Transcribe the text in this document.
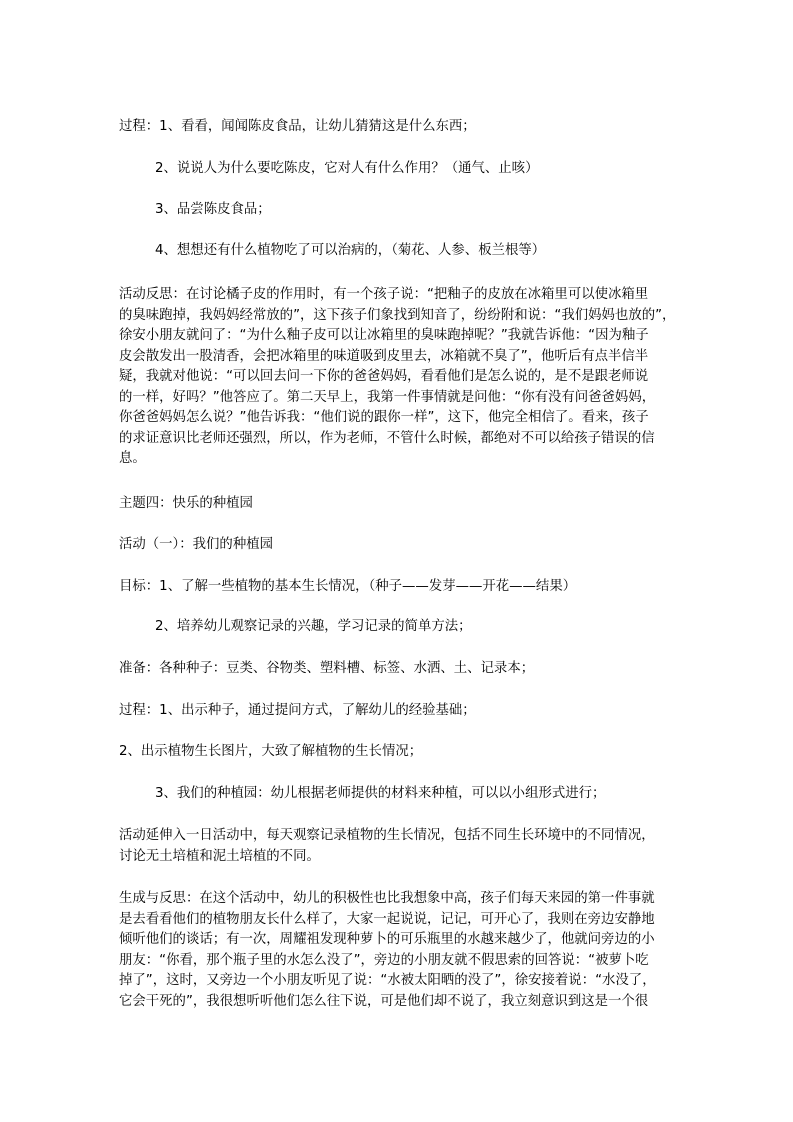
过程：1、看看，闻闻陈皮食品，让幼儿猜猜这是什么东西；

2、说说人为什么要吃陈皮，它对人有什么作用？（通气、止咳）

3、品尝陈皮食品；

4、想想还有什么植物吃了可以治病的，（菊花、人参、板兰根等）

活动反思：在讨论橘子皮的作用时，有一个孩子说：“把釉子的皮放在冰箱里可以使冰箱里
的臭味跑掉，我妈妈经常放的”，这下孩子们象找到知音了，纷纷附和说：“我们妈妈也放的”，
徐安小朋友就问了：“为什么釉子皮可以让冰箱里的臭味跑掉呢？”我就告诉他：“因为釉子
皮会散发出一股清香，会把冰箱里的味道吸到皮里去，冰箱就不臭了”，他听后有点半信半
疑，我就对他说：“可以回去问一下你的爸爸妈妈，看看他们是怎么说的，是不是跟老师说
的一样，好吗？”他答应了。第二天早上，我第一件事情就是问他：“你有没有问爸爸妈妈，
你爸爸妈妈怎么说？”他告诉我：“他们说的跟你一样”，这下，他完全相信了。看来，孩子
的求证意识比老师还强烈，所以，作为老师，不管什么时候，都绝对不可以给孩子错误的信
息。

主题四：快乐的种植园

活动（一）：我们的种植园

目标：1、了解一些植物的基本生长情况，（种子——发芽——开花——结果）

2、培养幼儿观察记录的兴趣，学习记录的简单方法；

准备：各种种子：豆类、谷物类、塑料槽、标签、水洒、土、记录本；

过程：1、出示种子，通过提问方式，了解幼儿的经验基础；

2、出示植物生长图片，大致了解植物的生长情况；

3、我们的种植园：幼儿根据老师提供的材料来种植，可以以小组形式进行；

活动延伸入一日活动中，每天观察记录植物的生长情况，包括不同生长环境中的不同情况，
讨论无土培植和泥土培植的不同。
生成与反思：在这个活动中，幼儿的积极性也比我想象中高，孩子们每天来园的第一件事就
是去看看他们的植物朋友长什么样了，大家一起说说，记记，可开心了，我则在旁边安静地
倾听他们的谈话；有一次，周耀祖发现种萝卜的可乐瓶里的水越来越少了，他就问旁边的小
朋友：“你看，那个瓶子里的水怎么没了”，旁边的小朋友就不假思索的回答说：“被萝卜吃
掉了”，这时，又旁边一个小朋友听见了说：“水被太阳晒的没了”，徐安接着说：“水没了，
它会干死的”，我很想听听他们怎么往下说，可是他们却不说了，我立刻意识到这是一个很
